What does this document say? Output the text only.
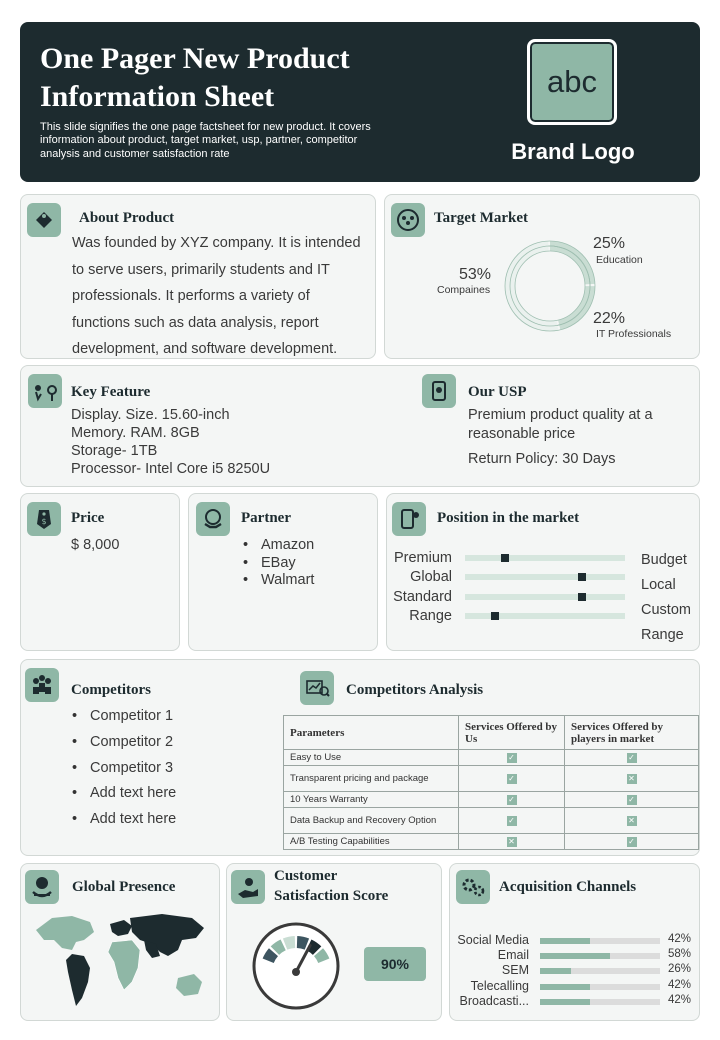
One Pager New Product Information Sheet
This slide signifies the one page factsheet for new product. It covers information about product, target market, usp, partner, competitor analysis and customer satisfaction rate
abc
Brand Logo
About Product
Was founded by XYZ company. It is intended
to serve users, primarily students and IT
professionals. It performs a variety of
functions such as data analysis, report
development, and software development.
Target Market
25%
Education
22%
IT Professionals
53%
Compaines
Key Feature
Display. Size. 15.60-inch
Memory. RAM. 8GB
Storage- 1TB
Processor- Intel Core i5 8250U
Our USP
Premium product quality at a
reasonable price
Return Policy: 30 Days
$ Price
$ 8,000
Partner
• Amazon
• EBay
• Walmart
Position in the market
Premium	Budget
Global	Local
Standard
Custom
Range
Range
Competitors
• Competitor 1
• Competitor 2
• Competitor 3
• Add text here
• Add text here
Competitors Analysis
Parameters	Services Offered by Us	Services Offered by players in market
Easy to Use	✓	✓
Transparent pricing and package	✓	✕
10 Years Warranty	✓	✓
Data Backup and Recovery Option	✓	✕
A/B Testing Capabilities	✕	✓
Global Presence
Customer
Satisfaction Score
90%
Acquisition Channels
Social Media	42%
Email	58%
SEM	26%
Telecalling	42%
Broadcasti...	42%
